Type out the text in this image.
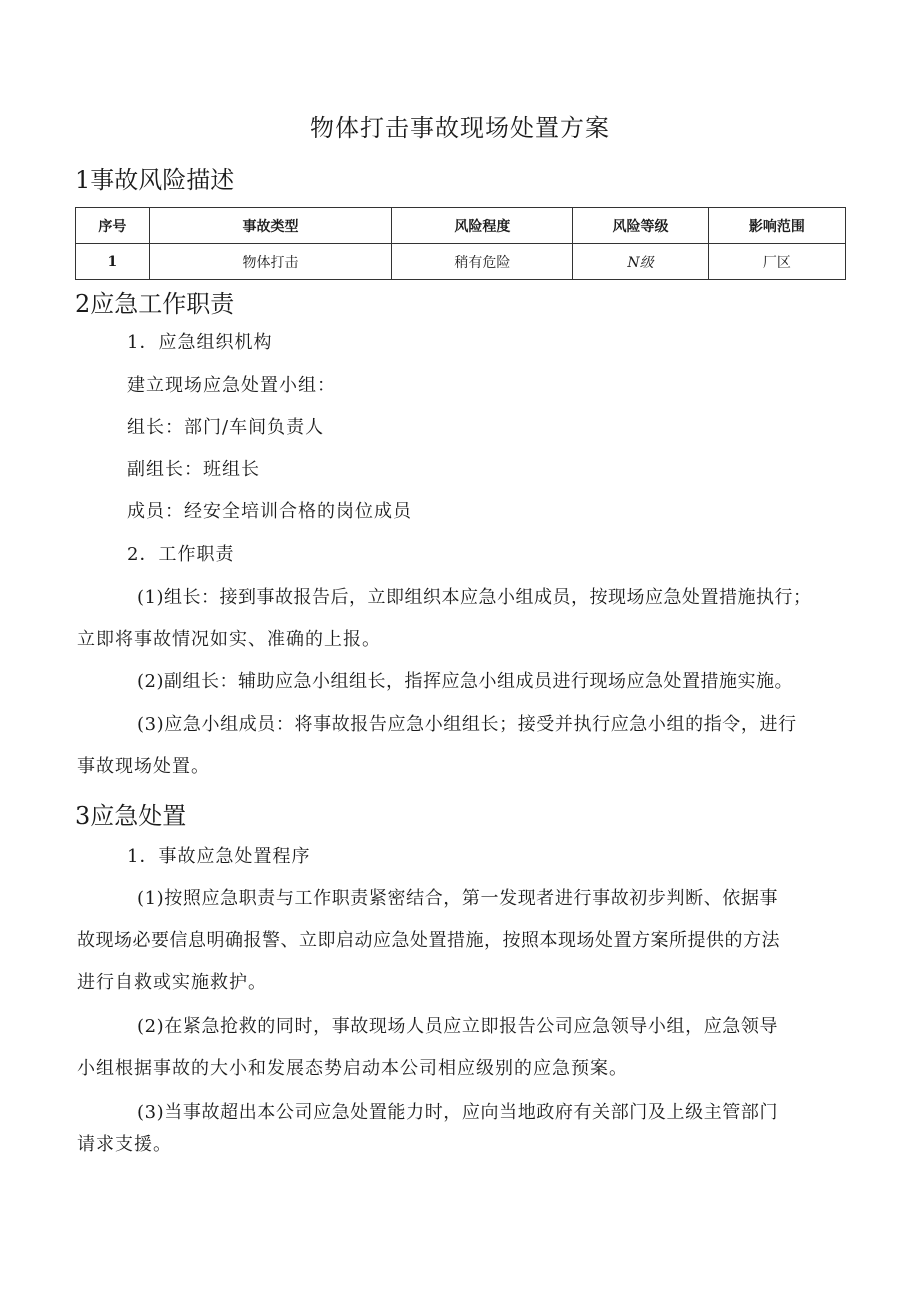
物体打击事故现场处置方案
1事故风险描述
序号	事故类型	风险程度	风险等级	影响范围
1	物体打击	稍有危险	N级	厂区
2应急工作职责
1．应急组织机构
建立现场应急处置小组：
组长：部门/车间负责人
副组长：班组长
成员：经安全培训合格的岗位成员
2．工作职责
(1)组长：接到事故报告后，立即组织本应急小组成员，按现场应急处置措施执行；
立即将事故情况如实、准确的上报。
(2)副组长：辅助应急小组组长，指挥应急小组成员进行现场应急处置措施实施。
(3)应急小组成员：将事故报告应急小组组长；接受并执行应急小组的指令，进行
事故现场处置。
3应急处置
1．事故应急处置程序
(1)按照应急职责与工作职责紧密结合，第一发现者进行事故初步判断、依据事
故现场必要信息明确报警、立即启动应急处置措施，按照本现场处置方案所提供的方法
进行自救或实施救护。
(2)在紧急抢救的同时，事故现场人员应立即报告公司应急领导小组，应急领导
小组根据事故的大小和发展态势启动本公司相应级别的应急预案。
(3)当事故超出本公司应急处置能力时，应向当地政府有关部门及上级主管部门
请求支援。
